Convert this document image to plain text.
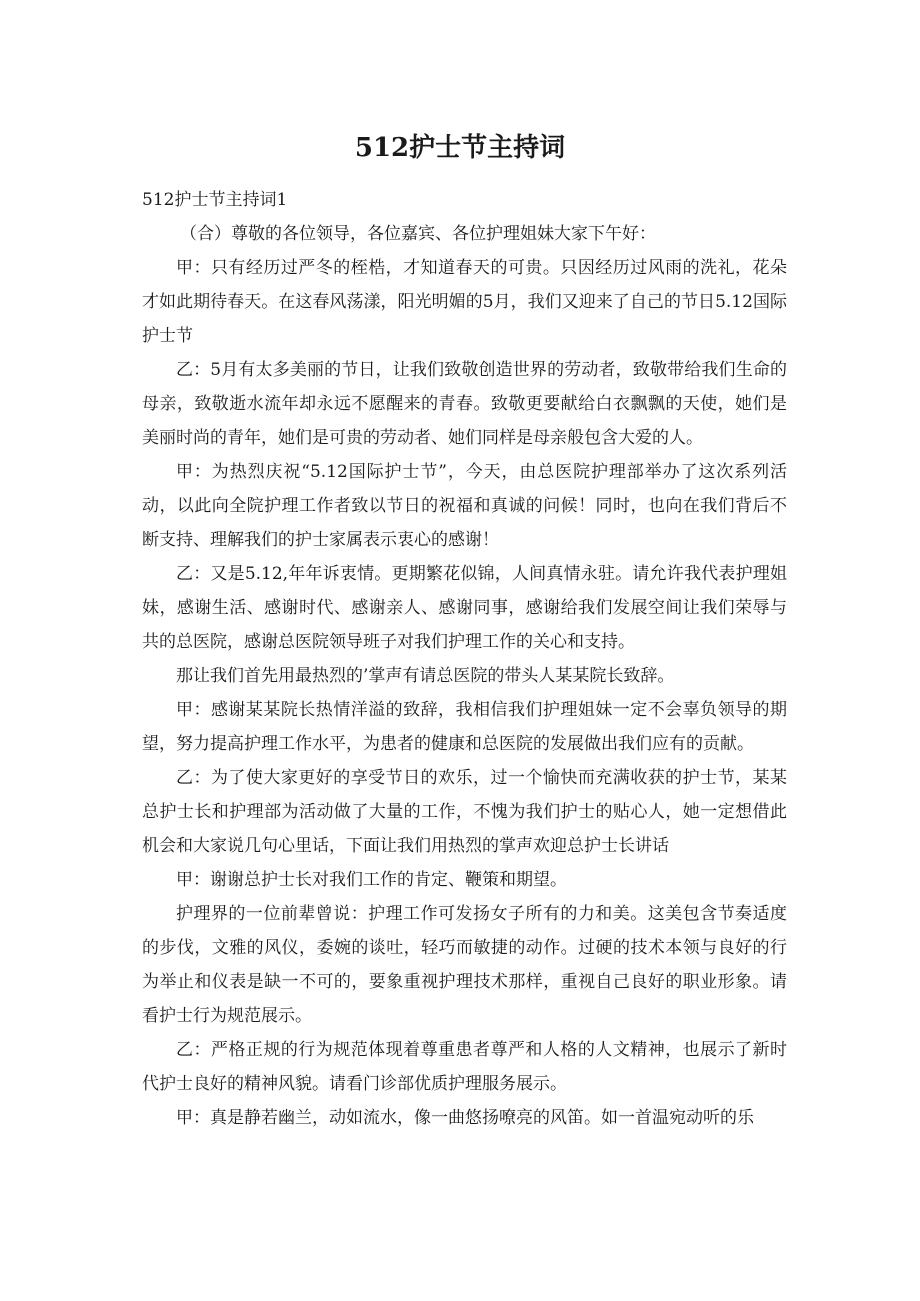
512护士节主持词

512护士节主持词1

（合）尊敬的各位领导，各位嘉宾、各位护理姐妹大家下午好：

甲：只有经历过严冬的桎梏，才知道春天的可贵。只因经历过风雨的洗礼，花朵才如此期待春天。在这春风荡漾，阳光明媚的5月，我们又迎来了自己的节日5.12国际护士节

乙：5月有太多美丽的节日，让我们致敬创造世界的劳动者，致敬带给我们生命的母亲，致敬逝水流年却永远不愿醒来的青春。致敬更要献给白衣飘飘的天使，她们是美丽时尚的青年，她们是可贵的劳动者、她们同样是母亲般包含大爱的人。

甲：为热烈庆祝“5.12国际护士节”，今天，由总医院护理部举办了这次系列活动，以此向全院护理工作者致以节日的祝福和真诚的问候！同时，也向在我们背后不断支持、理解我们的护士家属表示衷心的感谢！

乙：又是5.12,年年诉衷情。更期繁花似锦，人间真情永驻。请允许我代表护理姐妹，感谢生活、感谢时代、感谢亲人、感谢同事，感谢给我们发展空间让我们荣辱与共的总医院，感谢总医院领导班子对我们护理工作的关心和支持。

那让我们首先用最热烈的’掌声有请总医院的带头人某某院长致辞。

甲：感谢某某院长热情洋溢的致辞，我相信我们护理姐妹一定不会辜负领导的期望，努力提高护理工作水平，为患者的健康和总医院的发展做出我们应有的贡献。

乙：为了使大家更好的享受节日的欢乐，过一个愉快而充满收获的护士节，某某总护士长和护理部为活动做了大量的工作，不愧为我们护士的贴心人，她一定想借此机会和大家说几句心里话，下面让我们用热烈的掌声欢迎总护士长讲话

甲：谢谢总护士长对我们工作的肯定、鞭策和期望。

护理界的一位前辈曾说：护理工作可发扬女子所有的力和美。这美包含节奏适度的步伐，文雅的风仪，委婉的谈吐，轻巧而敏捷的动作。过硬的技术本领与良好的行为举止和仪表是缺一不可的，要象重视护理技术那样，重视自己良好的职业形象。请看护士行为规范展示。

乙：严格正规的行为规范体现着尊重患者尊严和人格的人文精神，也展示了新时代护士良好的精神风貌。请看门诊部优质护理服务展示。

甲：真是静若幽兰，动如流水，像一曲悠扬嘹亮的风笛。如一首温宛动听的乐
